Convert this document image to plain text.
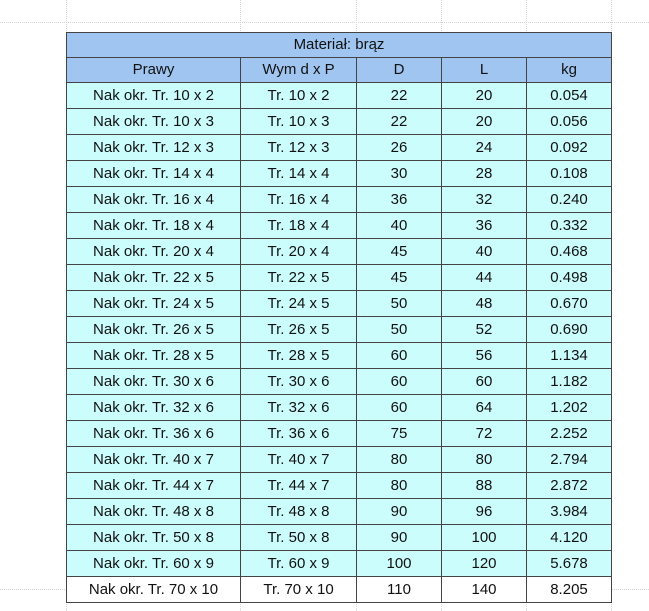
Materiał: brąz				
Prawy	Wym d x P	D	L	kg
Nak okr. Tr. 10 x 2	Tr. 10 x 2	22	20	0.054
Nak okr. Tr. 10 x 3	Tr. 10 x 3	22	20	0.056
Nak okr. Tr. 12 x 3	Tr. 12 x 3	26	24	0.092
Nak okr. Tr. 14 x 4	Tr. 14 x 4	30	28	0.108
Nak okr. Tr. 16 x 4	Tr. 16 x 4	36	32	0.240
Nak okr. Tr. 18 x 4	Tr. 18 x 4	40	36	0.332
Nak okr. Tr. 20 x 4	Tr. 20 x 4	45	40	0.468
Nak okr. Tr. 22 x 5	Tr. 22 x 5	45	44	0.498
Nak okr. Tr. 24 x 5	Tr. 24 x 5	50	48	0.670
Nak okr. Tr. 26 x 5	Tr. 26 x 5	50	52	0.690
Nak okr. Tr. 28 x 5	Tr. 28 x 5	60	56	1.134
Nak okr. Tr. 30 x 6	Tr. 30 x 6	60	60	1.182
Nak okr. Tr. 32 x 6	Tr. 32 x 6	60	64	1.202
Nak okr. Tr. 36 x 6	Tr. 36 x 6	75	72	2.252
Nak okr. Tr. 40 x 7	Tr. 40 x 7	80	80	2.794
Nak okr. Tr. 44 x 7	Tr. 44 x 7	80	88	2.872
Nak okr. Tr. 48 x 8	Tr. 48 x 8	90	96	3.984
Nak okr. Tr. 50 x 8	Tr. 50 x 8	90	100	4.120
Nak okr. Tr. 60 x 9	Tr. 60 x 9	100	120	5.678
Nak okr. Tr. 70 x 10	Tr. 70 x 10	110	140	8.205
